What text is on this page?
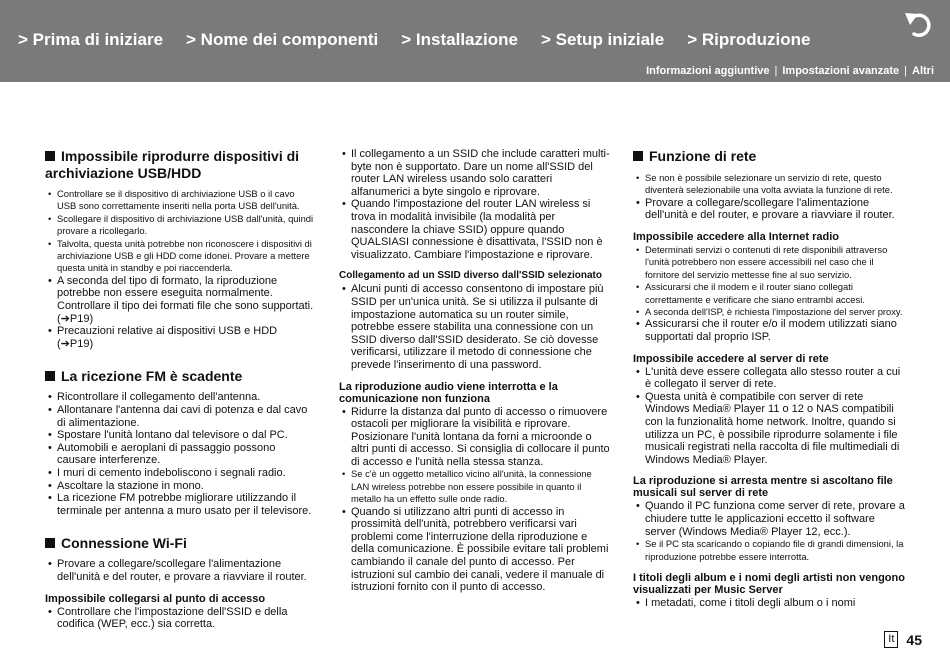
> Prima di iniziare > Nome dei componenti > Installazione > Setup iniziale > Riproduzione
Informazioni aggiuntive | Impostazioni avanzate | Altri
Impossibile riprodurre dispositivi di archiviazione USB/HDD
• Controllare se il dispositivo di archiviazione USB o il cavo USB sono correttamente inseriti nella porta USB dell'unità.
• Scollegare il dispositivo di archiviazione USB dall'unità, quindi provare a ricollegarlo.
• Talvolta, questa unità potrebbe non riconoscere i dispositivi di archiviazione USB e gli HDD come idonei. Provare a mettere questa unità in standby e poi riaccenderla.
• A seconda del tipo di formato, la riproduzione potrebbe non essere eseguita normalmente. Controllare il tipo dei formati file che sono supportati. (➔P19)
• Precauzioni relative ai dispositivi USB e HDD (➔P19)
La ricezione FM è scadente
• Ricontrollare il collegamento dell'antenna.
• Allontanare l'antenna dai cavi di potenza e dal cavo di alimentazione.
• Spostare l'unità lontano dal televisore o dal PC.
• Automobili e aeroplani di passaggio possono causare interferenze.
• I muri di cemento indeboliscono i segnali radio.
• Ascoltare la stazione in mono.
• La ricezione FM potrebbe migliorare utilizzando il terminale per antenna a muro usato per il televisore.
Connessione Wi-Fi
• Provare a collegare/scollegare l'alimentazione dell'unità e del router, e provare a riavviare il router.
Impossibile collegarsi al punto di accesso
• Controllare che l'impostazione dell'SSID e della codifica (WEP, ecc.) sia corretta.
• Il collegamento a un SSID che include caratteri multi-byte non è supportato. Dare un nome all'SSID del router LAN wireless usando solo caratteri alfanumerici a byte singolo e riprovare.
• Quando l'impostazione del router LAN wireless si trova in modalità invisibile (la modalità per nascondere la chiave SSID) oppure quando QUALSIASI connessione è disattivata, l'SSID non è visualizzato. Cambiare l'impostazione e riprovare.
Collegamento ad un SSID diverso dall'SSID selezionato
• Alcuni punti di accesso consentono di impostare più SSID per un'unica unità. Se si utilizza il pulsante di impostazione automatica su un router simile, potrebbe essere stabilita una connessione con un SSID diverso dall'SSID desiderato. Se ciò dovesse verificarsi, utilizzare il metodo di connessione che prevede l'inserimento di una password.
La riproduzione audio viene interrotta e la comunicazione non funziona
• Ridurre la distanza dal punto di accesso o rimuovere ostacoli per migliorare la visibilità e riprovare. Posizionare l'unità lontana da forni a microonde o altri punti di accesso. Si consiglia di collocare il punto di accesso e l'unità nella stessa stanza.
• Se c'è un oggetto metallico vicino all'unità, la connessione LAN wireless potrebbe non essere possibile in quanto il metallo ha un effetto sulle onde radio.
• Quando si utilizzano altri punti di accesso in prossimità dell'unità, potrebbero verificarsi vari problemi come l'interruzione della riproduzione e della comunicazione. È possibile evitare tali problemi cambiando il canale del punto di accesso. Per istruzioni sul cambio dei canali, vedere il manuale di istruzioni fornito con il punto di accesso.
Funzione di rete
• Se non è possibile selezionare un servizio di rete, questo diventerà selezionabile una volta avviata la funzione di rete.
• Provare a collegare/scollegare l'alimentazione dell'unità e del router, e provare a riavviare il router.
Impossibile accedere alla Internet radio
• Determinati servizi o contenuti di rete disponibili attraverso l'unità potrebbero non essere accessibili nel caso che il fornitore del servizio mettesse fine al suo servizio.
• Assicurarsi che il modem e il router siano collegati correttamente e verificare che siano entrambi accesi.
• A seconda dell'ISP, è richiesta l'impostazione del server proxy.
• Assicurarsi che il router e/o il modem utilizzati siano supportati dal proprio ISP.
Impossibile accedere al server di rete
• L'unità deve essere collegata allo stesso router a cui è collegato il server di rete.
• Questa unità è compatibile con server di rete Windows Media® Player 11 o 12 o NAS compatibili con la funzionalità home network. Inoltre, quando si utilizza un PC, è possibile riprodurre solamente i file musicali registrati nella raccolta di file multimediali di Windows Media® Player.
La riproduzione si arresta mentre si ascoltano file musicali sul server di rete
• Quando il PC funziona come server di rete, provare a chiudere tutte le applicazioni eccetto il software server (Windows Media® Player 12, ecc.).
• Se il PC sta scaricando o copiando file di grandi dimensioni, la riproduzione potrebbe essere interrotta.
I titoli degli album e i nomi degli artisti non vengono visualizzati per Music Server
• I metadati, come i titoli degli album o i nomi
It 45
